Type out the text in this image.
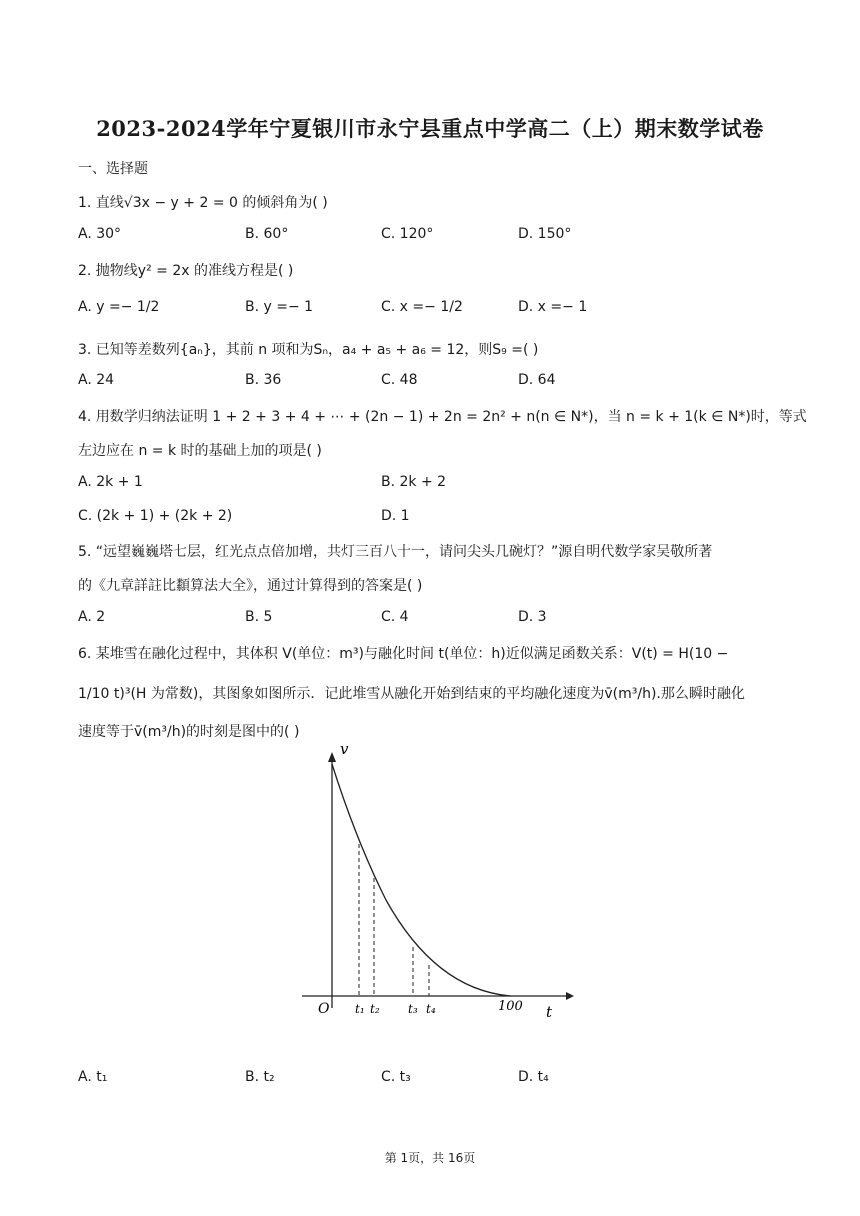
2023-2024学年宁夏银川市永宁县重点中学高二（上）期末数学试卷
一、选择题
1. 直线√3x − y + 2 = 0 的倾斜角为( )
A. 30°	B. 60°	C. 120°	D. 150°
2. 抛物线y² = 2x 的准线方程是( )
A. y =− 1/2	B. y =− 1	C. x =− 1/2	D. x =− 1
3. 已知等差数列{aₙ}，其前 n 项和为Sₙ，a₄ + a₅ + a₆ = 12，则S₉ =( )
A. 24	B. 36	C. 48	D. 64
4. 用数学归纳法证明 1 + 2 + 3 + 4 + ⋯ + (2n − 1) + 2n = 2n² + n(n ∈ N*)，当 n = k + 1(k ∈ N*)时，等式
左边应在 n = k 时的基础上加的项是( )
A. 2k + 1	B. 2k + 2
C. (2k + 1) + (2k + 2)	D. 1
5. “远望巍巍塔七层，红光点点倍加增，共灯三百八十一，请问尖头几碗灯？”源自明代数学家吴敬所著
的《九章詳註比纇算法大全》，通过计算得到的答案是( )
A. 2	B. 5	C. 4	D. 3
6. 某堆雪在融化过程中，其体积 V(单位：m³)与融化时间 t(单位：h)近似满足函数关系：V(t) = H(10 −
1/10 t)³(H 为常数)，其图象如图所示．记此堆雪从融化开始到结束的平均融化速度为v̄(m³/h).那么瞬时融化
速度等于v̄(m³/h)的时刻是图中的( )
v
t
O t₁ t₂ t₃ t₄	100
A. t₁	B. t₂	C. t₃	D. t₄
第 1页，共 16页
